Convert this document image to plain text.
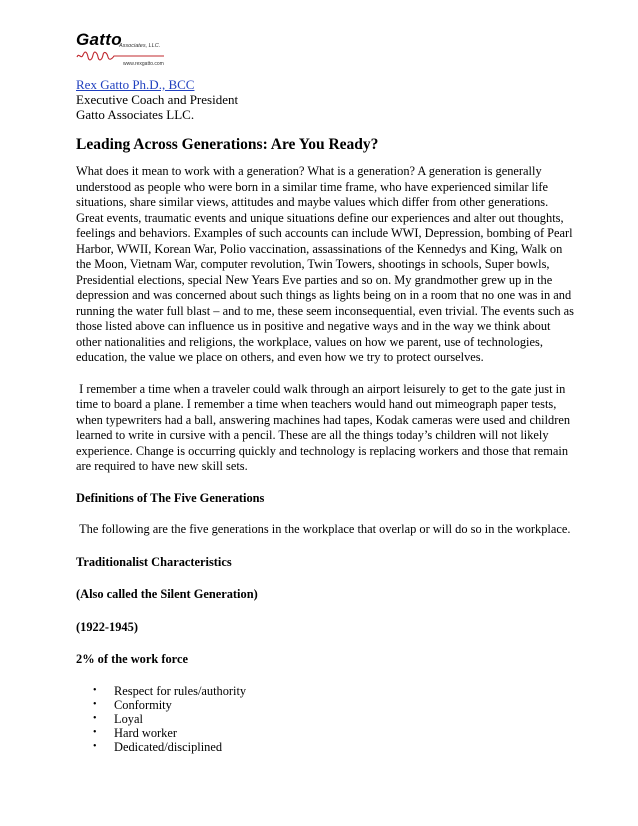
Gatto
Associates, LLC.
www.rexgatto.com
Rex Gatto Ph.D., BCC
Executive Coach and President
Gatto Associates LLC.
Leading Across Generations: Are You Ready?

What does it mean to work with a generation? What is a generation? A generation is generally understood as people who were born in a similar time frame, who have experienced similar life situations, share similar views, attitudes and maybe values which differ from other generations. Great events, traumatic events and unique situations define our experiences and alter out thoughts, feelings and behaviors. Examples of such accounts can include WWI, Depression, bombing of Pearl Harbor, WWII, Korean War, Polio vaccination, assassinations of the Kennedys and King, Walk on the Moon, Vietnam War, computer revolution, Twin Towers, shootings in schools, Super bowls, Presidential elections, special New Years Eve parties and so on. My grandmother grew up in the depression and was concerned about such things as lights being on in a room that no one was in and running the water full blast – and to me, these seem inconsequential, even trivial. The events such as those listed above can influence us in positive and negative ways and in the way we think about other nationalities and religions, the workplace, values on how we parent, use of technologies, education, the value we place on others, and even how we try to protect ourselves.

I remember a time when a traveler could walk through an airport leisurely to get to the gate just in time to board a plane. I remember a time when teachers would hand out mimeograph paper tests, when typewriters had a ball, answering machines had tapes, Kodak cameras were used and children learned to write in cursive with a pencil. These are all the things today’s children will not likely experience. Change is occurring quickly and technology is replacing workers and those that remain are required to have new skill sets.

Definitions of The Five Generations

The following are the five generations in the workplace that overlap or will do so in the workplace.

Traditionalist Characteristics
(Also called the Silent Generation)
(1922-1945)
2% of the work force
• Respect for rules/authority
• Conformity
• Loyal
• Hard worker
• Dedicated/disciplined
